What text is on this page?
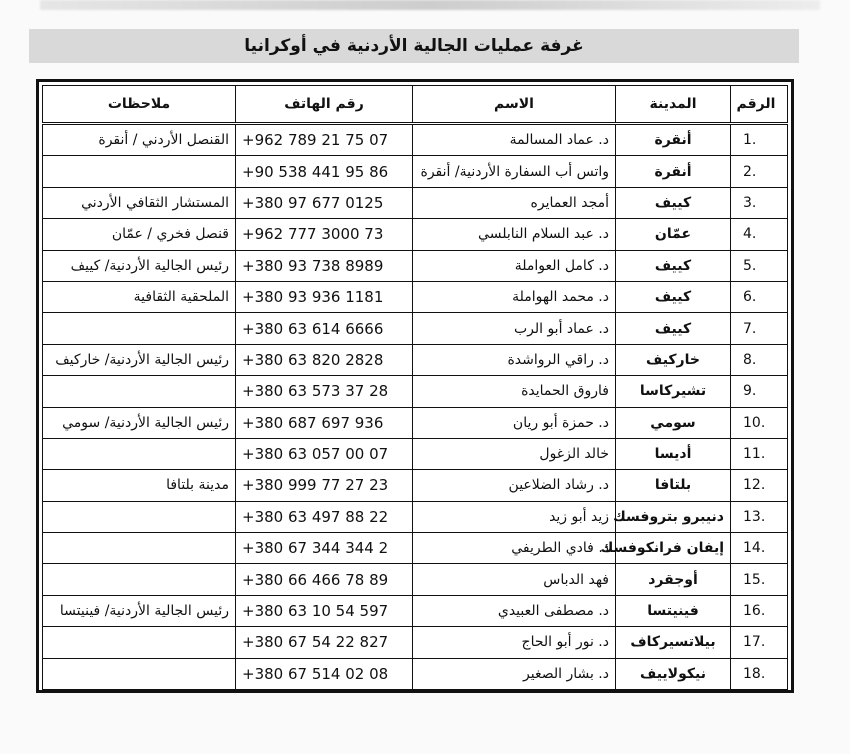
غرفة عمليات الجالية الأردنية في أوكرانيا
الرقم	المدينة	الاسم	رقم الهاتف	ملاحظات
1.	أنقرة	د. عماد المسالمة	+962 789 21 75 07	القنصل الأردني / أنقرة
2.	أنقرة	واتس أب السفارة الأردنية/ أنقرة	+90 538 441 95 86	
3.	كييف	أمجد العمايره	+380 97 677 0125	المستشار الثقافي الأردني
4.	عمّان	د. عبد السلام النابلسي	+962 777 3000 73	قنصل فخري / عمّان
5.	كييف	د. كامل العواملة	+380 93 738 8989	رئيس الجالية الأردنية/ كييف
6.	كييف	د. محمد الهواملة	+380 93 936 1181	الملحقية الثقافية
7.	كييف	د. عماد أبو الرب	+380 63 614 6666	
8.	خاركيف	د. راقي الرواشدة	+380 63 820 2828	رئيس الجالية الأردنية/ خاركيف
9.	تشيركاسا	فاروق الحمايدة	+380 63 573 37 28	
10.	سومي	د. حمزة أبو ريان	+380 687 697 936	رئيس الجالية الأردنية/ سومي
11.	أديسا	خالد الزغول	+380 63 057 00 07	
12.	بلتافا	د. رشاد الضلاعين	+380 999 77 27 23	مدينة بلتافا
13.	دنيبرو بتروفسك	زيد أبو زيد	+380 63 497 88 22	
14.	إيفان فرانكوفسك	د. فادي الطريفي	+380 67 344 344 2	
15.	أوجقرد	فهد الدباس	+380 66 466 78 89	
16.	فينيتسا	د. مصطفى العبيدي	+380 63 10 54 597	رئيس الجالية الأردنية/ فينيتسا
17.	بيلاتسيركاف	د. نور أبو الحاج	+380 67 54 22 827	
18.	نيكولاييف	د. بشار الصغير	+380 67 514 02 08	
